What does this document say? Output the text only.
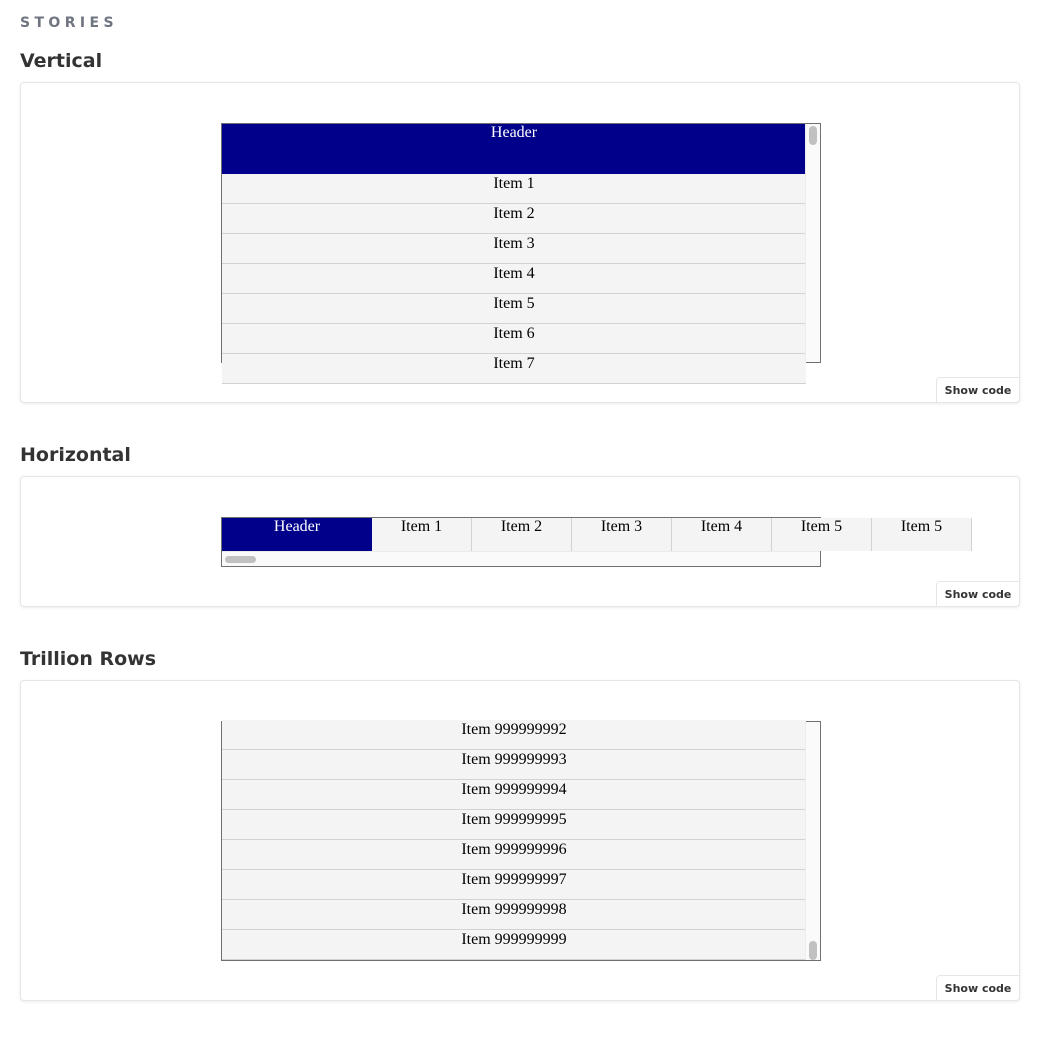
STORIES
Vertical
Header
Item 1
Item 2
Item 3
Item 4
Item 5
Item 6
Item 7
Show code
Horizontal
Header	Item 1	Item 2	Item 3	Item 4	Item 5	Item 5
Show code
Trillion Rows
Item 999999992
Item 999999993
Item 999999994
Item 999999995
Item 999999996
Item 999999997
Item 999999998
Item 999999999
Show code
